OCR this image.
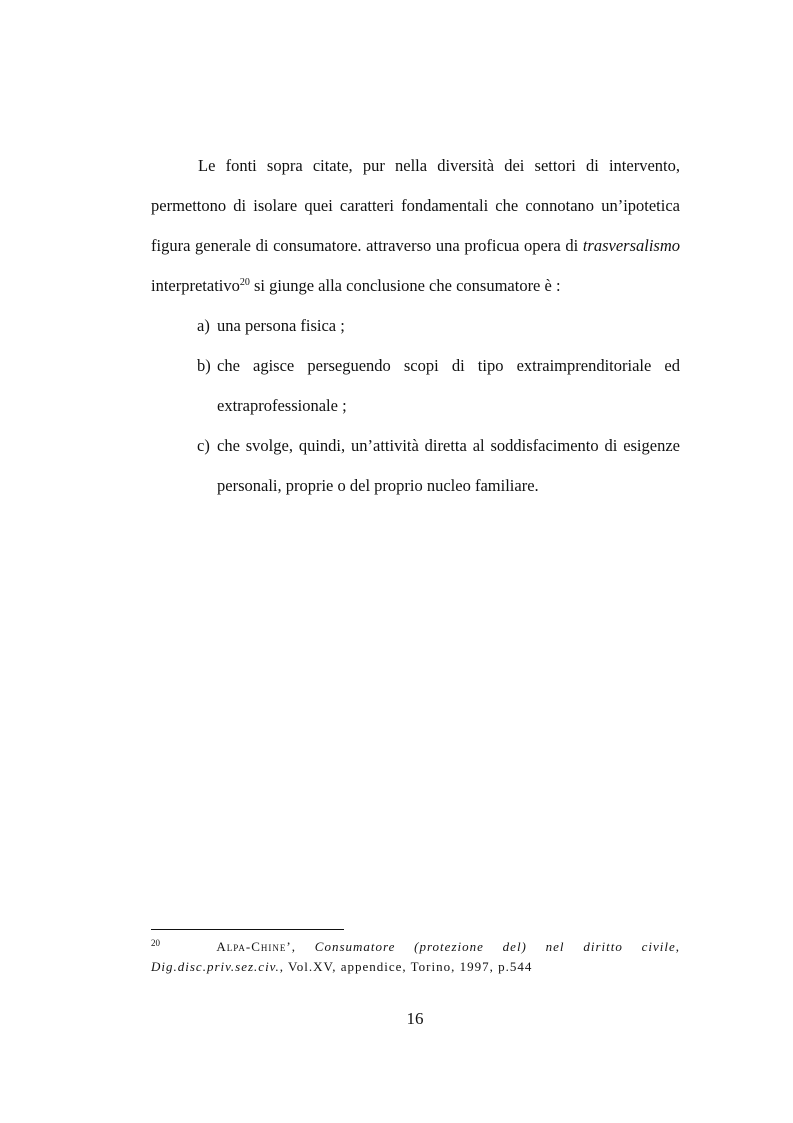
Le fonti sopra citate, pur nella diversità dei settori di intervento, permettono di isolare quei caratteri fondamentali che connotano un’ipotetica figura generale di consumatore. attraverso una proficua opera di trasversalismo interpretativo$^{20}$ si giunge alla conclusione che consumatore è :

a) una persona fisica ;
b) che agisce perseguendo scopi di tipo extraimprenditoriale ed extraprofessionale ;
c) che svolge, quindi, un’attività diretta al soddisfacimento di esigenze personali, proprie o del proprio nucleo familiare.
$^{20}$	Alpa-Chine’, Consumatore (protezione del) nel diritto civile, Dig.disc.priv.sez.civ., Vol.XV, appendice, Torino, 1997, p.544
16
